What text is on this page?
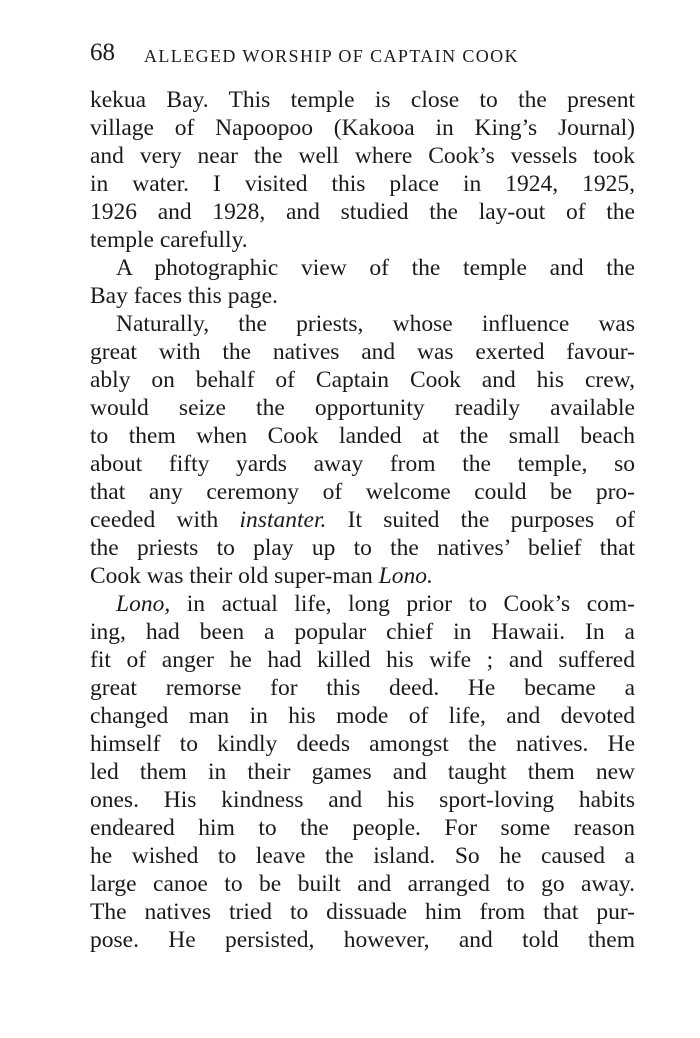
68 ALLEGED WORSHIP OF CAPTAIN COOK
kekua Bay. This temple is close to the present
village of Napoopoo (Kakooa in King’s Journal)
and very near the well where Cook’s vessels took
in water. I visited this place in 1924, 1925,
1926 and 1928, and studied the lay-out of the
temple carefully.
A photographic view of the temple and the
Bay faces this page.
Naturally, the priests, whose influence was
great with the natives and was exerted favour-
ably on behalf of Captain Cook and his crew,
would seize the opportunity readily available
to them when Cook landed at the small beach
about fifty yards away from the temple, so
that any ceremony of welcome could be pro-
ceeded with instanter. It suited the purposes of
the priests to play up to the natives’ belief that
Cook was their old super-man Lono.
Lono, in actual life, long prior to Cook’s com-
ing, had been a popular chief in Hawaii. In a
fit of anger he had killed his wife ; and suffered
great remorse for this deed. He became a
changed man in his mode of life, and devoted
himself to kindly deeds amongst the natives. He
led them in their games and taught them new
ones. His kindness and his sport-loving habits
endeared him to the people. For some reason
he wished to leave the island. So he caused a
large canoe to be built and arranged to go away.
The natives tried to dissuade him from that pur-
pose. He persisted, however, and told them
